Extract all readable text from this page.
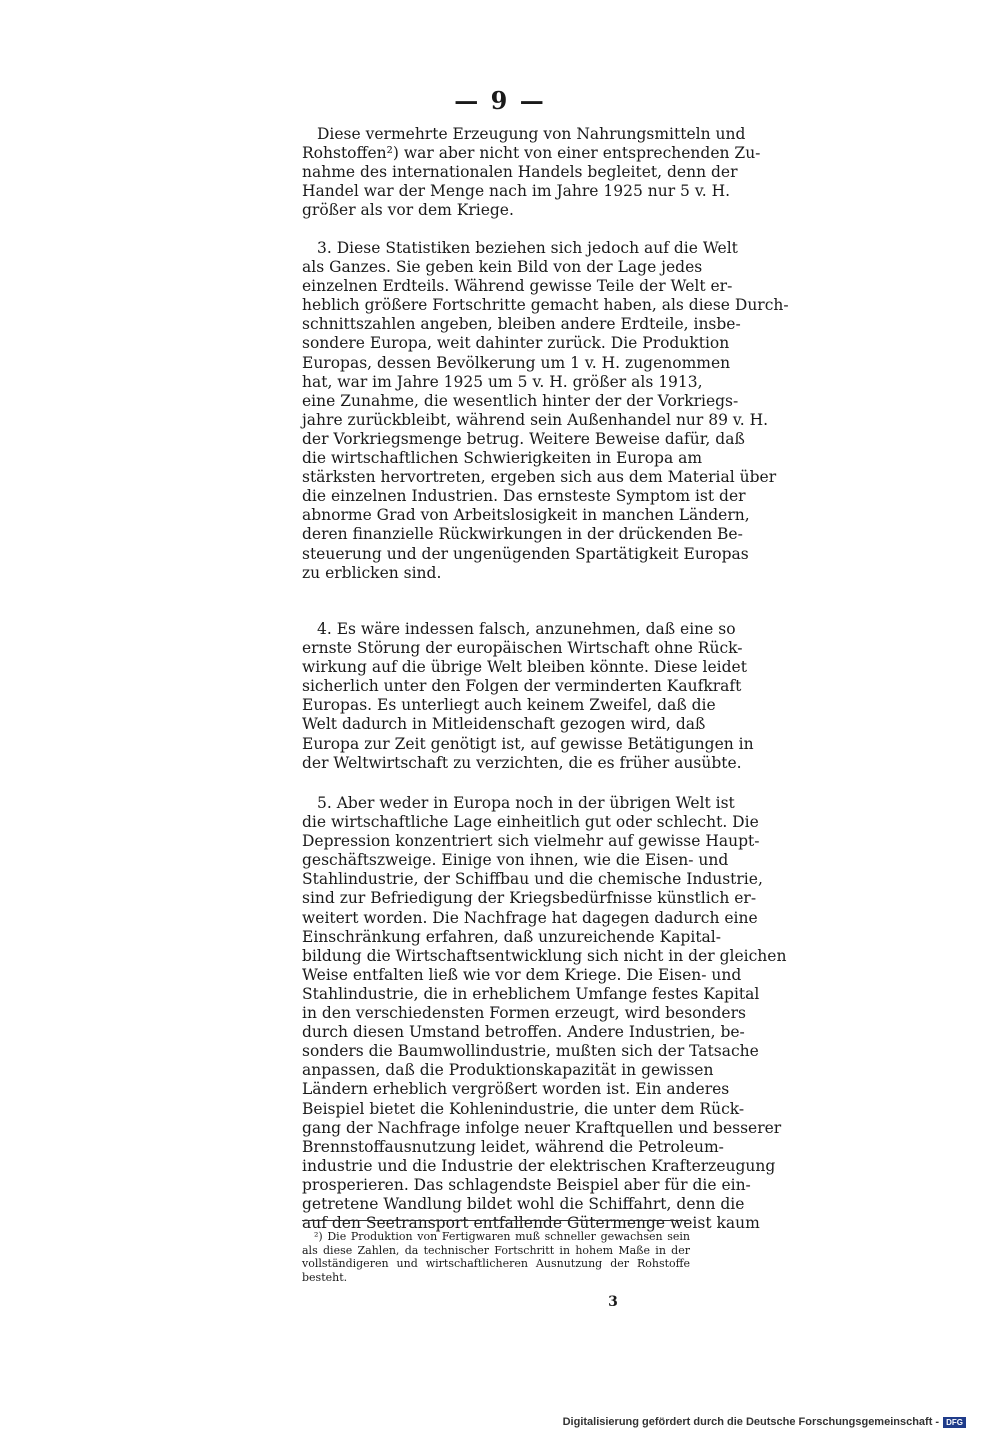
— 9 —
Diese vermehrte Erzeugung von Nahrungsmitteln und
Rohstoffen²) war aber nicht von einer entsprechenden Zu-
nahme des internationalen Handels begleitet, denn der
Handel war der Menge nach im Jahre 1925 nur 5 v. H.
größer als vor dem Kriege.
3. Diese Statistiken beziehen sich jedoch auf die Welt
als Ganzes. Sie geben kein Bild von der Lage jedes
einzelnen Erdteils. Während gewisse Teile der Welt er-
heblich größere Fortschritte gemacht haben, als diese Durch-
schnittszahlen angeben, bleiben andere Erdteile, insbe-
sondere Europa, weit dahinter zurück. Die Produktion
Europas, dessen Bevölkerung um 1 v. H. zugenommen
hat, war im Jahre 1925 um 5 v. H. größer als 1913,
eine Zunahme, die wesentlich hinter der der Vorkriegs-
jahre zurückbleibt, während sein Außenhandel nur 89 v. H.
der Vorkriegsmenge betrug. Weitere Beweise dafür, daß
die wirtschaftlichen Schwierigkeiten in Europa am
stärksten hervortreten, ergeben sich aus dem Material über
die einzelnen Industrien. Das ernsteste Symptom ist der
abnorme Grad von Arbeitslosigkeit in manchen Ländern,
deren finanzielle Rückwirkungen in der drückenden Be-
steuerung und der ungenügenden Spartätigkeit Europas
zu erblicken sind.
4. Es wäre indessen falsch, anzunehmen, daß eine so
ernste Störung der europäischen Wirtschaft ohne Rück-
wirkung auf die übrige Welt bleiben könnte. Diese leidet
sicherlich unter den Folgen der verminderten Kaufkraft
Europas. Es unterliegt auch keinem Zweifel, daß die
Welt dadurch in Mitleidenschaft gezogen wird, daß
Europa zur Zeit genötigt ist, auf gewisse Betätigungen in
der Weltwirtschaft zu verzichten, die es früher ausübte.
5. Aber weder in Europa noch in der übrigen Welt ist
die wirtschaftliche Lage einheitlich gut oder schlecht. Die
Depression konzentriert sich vielmehr auf gewisse Haupt-
geschäftszweige. Einige von ihnen, wie die Eisen- und
Stahlindustrie, der Schiffbau und die chemische Industrie,
sind zur Befriedigung der Kriegsbedürfnisse künstlich er-
weitert worden. Die Nachfrage hat dagegen dadurch eine
Einschränkung erfahren, daß unzureichende Kapital-
bildung die Wirtschaftsentwicklung sich nicht in der gleichen
Weise entfalten ließ wie vor dem Kriege. Die Eisen- und
Stahlindustrie, die in erheblichem Umfange festes Kapital
in den verschiedensten Formen erzeugt, wird besonders
durch diesen Umstand betroffen. Andere Industrien, be-
sonders die Baumwollindustrie, mußten sich der Tatsache
anpassen, daß die Produktionskapazität in gewissen
Ländern erheblich vergrößert worden ist. Ein anderes
Beispiel bietet die Kohlenindustrie, die unter dem Rück-
gang der Nachfrage infolge neuer Kraftquellen und besserer
Brennstoffausnutzung leidet, während die Petroleum-
industrie und die Industrie der elektrischen Krafterzeugung
prosperieren. Das schlagendste Beispiel aber für die ein-
getretene Wandlung bildet wohl die Schiffahrt, denn die
auf den Seetransport entfallende Gütermenge weist kaum
²) Die Produktion von Fertigwaren muß schneller gewachsen sein
als diese Zahlen, da technischer Fortschritt in hohem Maße in der
vollständigeren und wirtschaftlicheren Ausnutzung der Rohstoffe
besteht.
3
Digitalisierung gefördert durch die Deutsche Forschungsgemeinschaft - DFG
